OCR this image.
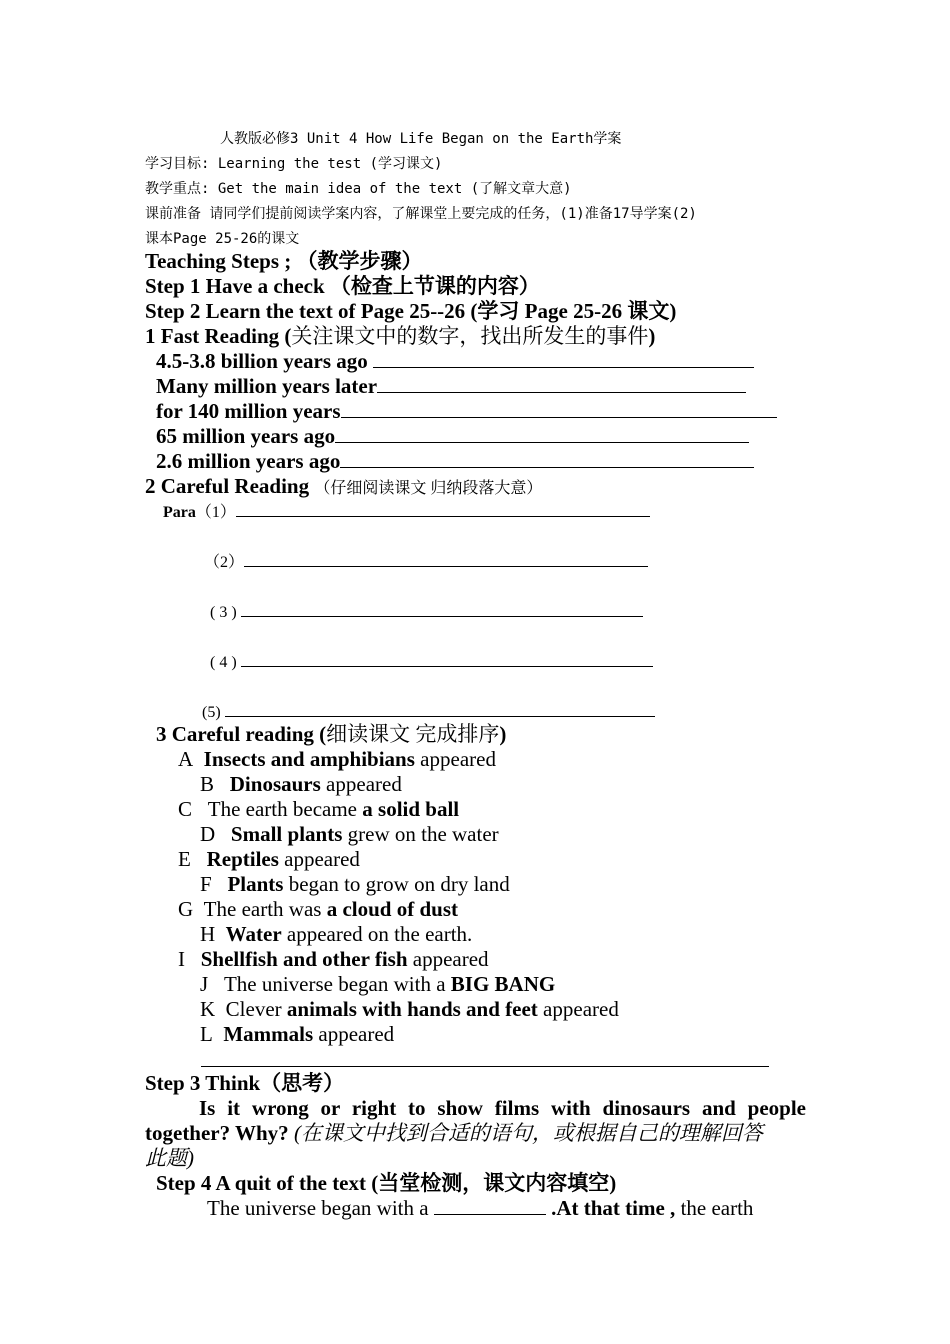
人教版必修3 Unit 4 How Life Began on the Earth学案
学习目标: Learning the test (学习课文)
教学重点: Get the main idea of the text (了解文章大意)
课前准备 请同学们提前阅读学案内容，了解课堂上要完成的任务，(1)准备17导学案(2)
课本Page 25-26的课文
Teaching Steps ; （教学步骤）
Step 1 Have a check （检查上节课的内容）
Step 2 Learn the text of Page 25--26 (学习 Page 25-26 课文)
1 Fast Reading (关注课文中的数字，找出所发生的事件)
4.5-3.8 billion years ago
Many million years later
for 140 million years
65 million years ago
2.6 million years ago
2 Careful Reading （仔细阅读课文 归纳段落大意）
Para（1）
（2）
( 3 )
( 4 )
(5)
3 Careful reading (细读课文 完成排序)
A Insects and amphibians appeared
B Dinosaurs appeared
C The earth became a solid ball
D Small plants grew on the water
E Reptiles appeared
F Plants began to grow on dry land
G The earth was a cloud of dust
H Water appeared on the earth.
I Shellfish and other fish appeared
J The universe began with a BIG BANG
K Clever animals with hands and feet appeared
L Mammals appeared
Step 3 Think（思考）
Is it wrong or right to show films with dinosaurs and people
together? Why? (在课文中找到合适的语句，或根据自己的理解回答
此题)
Step 4 A quit of the text (当堂检测，课文内容填空)
The universe began with a	.At that time , the earth
